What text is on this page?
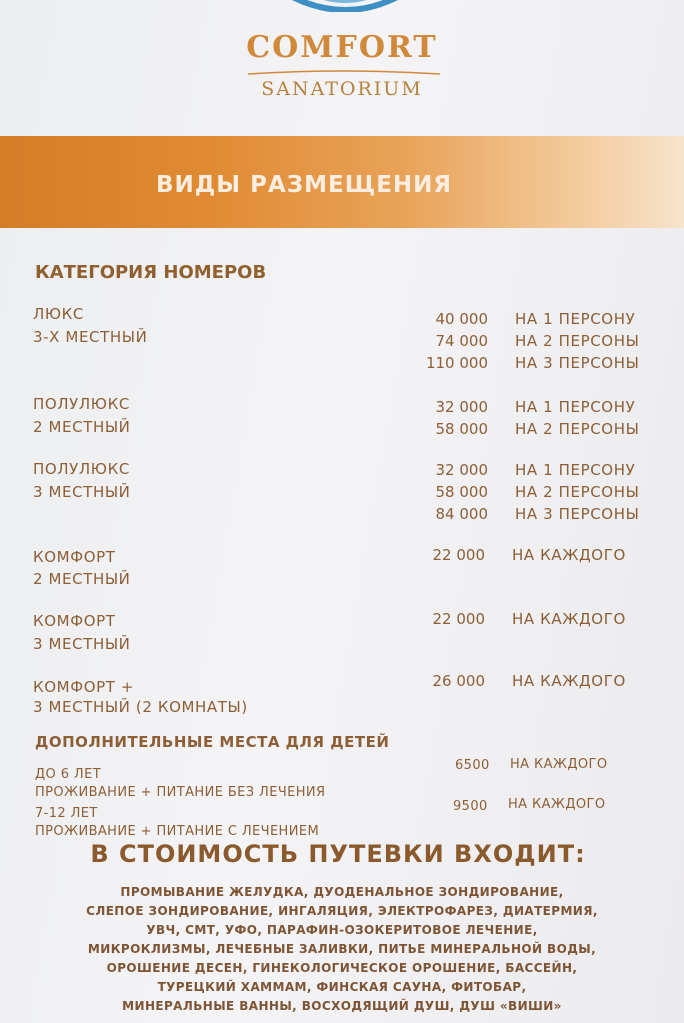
COMFORT
SANATORIUM
ВИДЫ РАЗМЕЩЕНИЯ
КАТЕГОРИЯ НОМЕРОВ
ЛЮКС
3-Х МЕСТНЫЙ
40 000 НА 1 ПЕРСОНУ
74 000 НА 2 ПЕРСОНЫ
110 000 НА 3 ПЕРСОНЫ
ПОЛУЛЮКС
2 МЕСТНЫЙ
32 000 НА 1 ПЕРСОНУ
58 000 НА 2 ПЕРСОНЫ
ПОЛУЛЮКС
3 МЕСТНЫЙ
32 000 НА 1 ПЕРСОНУ
58 000 НА 2 ПЕРСОНЫ
84 000 НА 3 ПЕРСОНЫ
КОМФОРТ
2 МЕСТНЫЙ
22 000 НА КАЖДОГО
КОМФОРТ
3 МЕСТНЫЙ
22 000 НА КАЖДОГО
КОМФОРТ +
3 МЕСТНЫЙ (2 КОМНАТЫ)
26 000 НА КАЖДОГО
ДОПОЛНИТЕЛЬНЫЕ МЕСТА ДЛЯ ДЕТЕЙ
ДО 6 ЛЕТ
ПРОЖИВАНИЕ + ПИТАНИЕ БЕЗ ЛЕЧЕНИЯ
6500 НА КАЖДОГО
7-12 ЛЕТ
ПРОЖИВАНИЕ + ПИТАНИЕ С ЛЕЧЕНИЕМ
9500 НА КАЖДОГО
В СТОИМОСТЬ ПУТЕВКИ ВХОДИТ:
ПРОМЫВАНИЕ ЖЕЛУДКА, ДУОДЕНАЛЬНОЕ ЗОНДИРОВАНИЕ,
СЛЕПОЕ ЗОНДИРОВАНИЕ, ИНГАЛЯЦИЯ, ЭЛЕКТРОФАРЕЗ, ДИАТЕРМИЯ,
УВЧ, СМТ, УФО, ПАРАФИН-ОЗОКЕРИТОВОЕ ЛЕЧЕНИЕ,
МИКРОКЛИЗМЫ, ЛЕЧЕБНЫЕ ЗАЛИВКИ, ПИТЬЕ МИНЕРАЛЬНОЙ ВОДЫ,
ОРОШЕНИЕ ДЕСЕН, ГИНЕКОЛОГИЧЕСКОЕ ОРОШЕНИЕ, БАССЕЙН,
ТУРЕЦКИЙ ХАММАМ, ФИНСКАЯ САУНА, ФИТОБАР,
МИНЕРАЛЬНЫЕ ВАННЫ, ВОСХОДЯЩИЙ ДУШ, ДУШ «ВИШИ»
